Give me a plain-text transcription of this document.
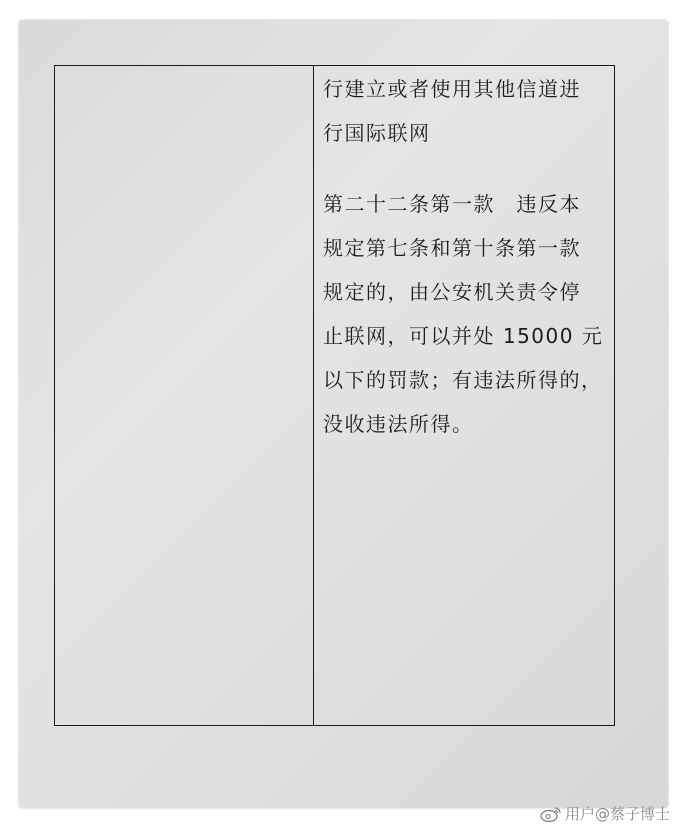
行建立或者使用其他信道进
行国际联网
第二十二条第一款　违反本
规定第七条和第十条第一款
规定的，由公安机关责令停
止联网，可以并处 15000 元
以下的罚款；有违法所得的，
没收违法所得。
用户@蔡子博士
